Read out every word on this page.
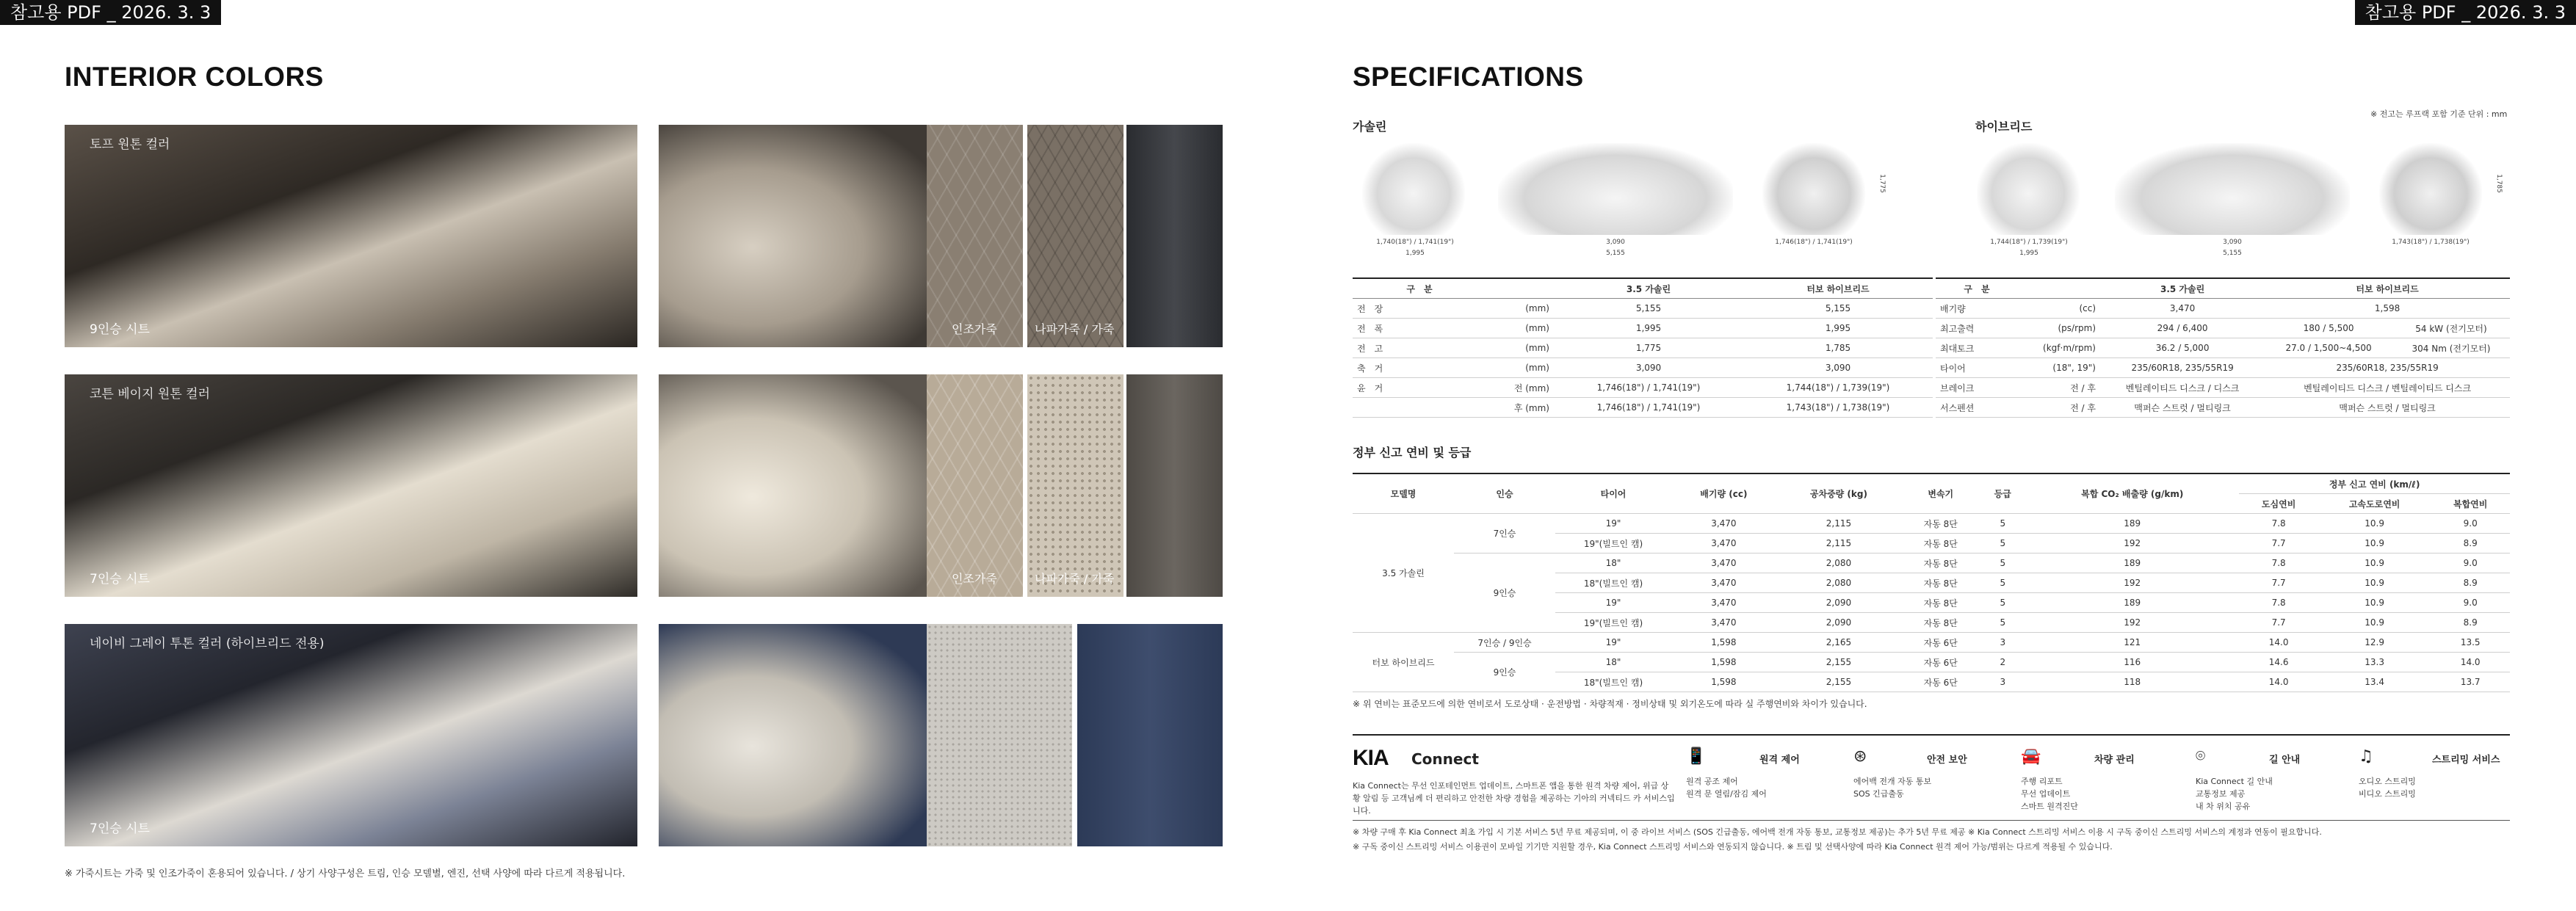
참고용 PDF _ 2026. 3. 3	참고용 PDF _ 2026. 3. 3
INTERIOR COLORS
토프 원톤 컬러
9인승 시트	인조가죽	나파가죽 / 가죽
코튼 베이지 원톤 컬러
7인승 시트	인조가죽	나파가죽 / 가죽
네이비 그레이 투톤 컬러 (하이브리드 전용)
7인승 시트
※ 가죽시트는 가죽 및 인조가죽이 혼용되어 있습니다. / 상기 사양구성은 트림, 인승 모델별, 엔진, 선택 사양에 따라 다르게 적용됩니다.
SPECIFICATIONS
※ 전고는 루프랙 포함 기준 단위 : mm
가솔린	하이브리드
1,740(18") / 1,741(19")
1,995
3,090
5,155
1,746(18") / 1,741(19")
1,775
1,744(18") / 1,739(19")
1,995
3,090
5,155
1,743(18") / 1,738(19")
1,785
구　분		3.5 가솔린	터보 하이브리드
전　장	(mm)	5,155	5,155
전　폭	(mm)	1,995	1,995
전　고	(mm)	1,775	1,785
축　거	(mm)	3,090	3,090
윤　거	전 (mm)	1,746(18") / 1,741(19")	1,744(18") / 1,739(19")
	후 (mm)	1,746(18") / 1,741(19")	1,743(18") / 1,738(19")
구　분		3.5 가솔린	터보 하이브리드	
배기량	(cc)	3,470	1,598	
최고출력	(ps/rpm)	294 / 6,400	180 / 5,500	54 kW (전기모터)
최대토크	(kgf·m/rpm)	36.2 / 5,000	27.0 / 1,500~4,500	304 Nm (전기모터)
타이어	(18", 19")	235/60R18, 235/55R19	235/60R18, 235/55R19	
브레이크	전 / 후	벤틸레이티드 디스크 / 디스크	벤틸레이티드 디스크 / 벤틸레이티드 디스크	
서스펜션	전 / 후	맥퍼슨 스트럿 / 멀티링크	맥퍼슨 스트럿 / 멀티링크	
정부 신고 연비 및 등급
모델명	인승	타이어	배기량 (cc)	공차중량 (kg)	변속기	등급	복합 CO₂ 배출량 (g/km)	정부 신고 연비 (km/ℓ)		
								도심연비	고속도로연비	복합연비
3.5 가솔린	7인승	19"	3,470	2,115	자동 8단	5	189	7.8	10.9	9.0
		19"(빌트인 캠)	3,470	2,115	자동 8단	5	192	7.7	10.9	8.9
	9인승	18"	3,470	2,080	자동 8단	5	189	7.8	10.9	9.0
		18"(빌트인 캠)	3,470	2,080	자동 8단	5	192	7.7	10.9	8.9
		19"	3,470	2,090	자동 8단	5	189	7.8	10.9	9.0
		19"(빌트인 캠)	3,470	2,090	자동 8단	5	192	7.7	10.9	8.9
터보 하이브리드	7인승 / 9인승	19"	1,598	2,165	자동 6단	3	121	14.0	12.9	13.5
	9인승	18"	1,598	2,155	자동 6단	2	116	14.6	13.3	14.0
		18"(빌트인 캠)	1,598	2,155	자동 6단	3	118	14.0	13.4	13.7
※ 위 연비는 표준모드에 의한 연비로서 도로상태 · 운전방법 · 차량적재 · 정비상태 및 외기온도에 따라 실 주행연비와 차이가 있습니다.
KIA Connect
Kia Connect는 무선 인포테인먼트 업데이트, 스마트폰 앱을 통한 원격 차량 제어, 위급 상황 알림 등 고객님께 더 편리하고 안전한 차량 경험을 제공하는 기아의 커넥티드 카 서비스입니다.
📱	원격 제어
원격 공조 제어
원격 문 열림/잠김 제어
⊛	안전 보안
에어백 전개 자동 통보
SOS 긴급출동
🚘	차량 관리
주행 리포트
무선 업데이트
스마트 원격진단
⌾	길 안내
Kia Connect 길 안내
교통정보 제공
내 차 위치 공유
♫	스트리밍 서비스
오디오 스트리밍
비디오 스트리밍
※ 차량 구매 후 Kia Connect 최초 가입 시 기본 서비스 5년 무료 제공되며, 이 중 라이브 서비스 (SOS 긴급출동, 에어백 전개 자동 통보, 교통정보 제공)는 추가 5년 무료 제공 ※ Kia Connect 스트리밍 서비스 이용 시 구독 중이신 스트리밍 서비스의 계정과 연동이 필요합니다.
※ 구독 중이신 스트리밍 서비스 이용권이 모바일 기기만 지원할 경우, Kia Connect 스트리밍 서비스와 연동되지 않습니다. ※ 트림 및 선택사양에 따라 Kia Connect 원격 제어 가능/범위는 다르게 적용될 수 있습니다.
